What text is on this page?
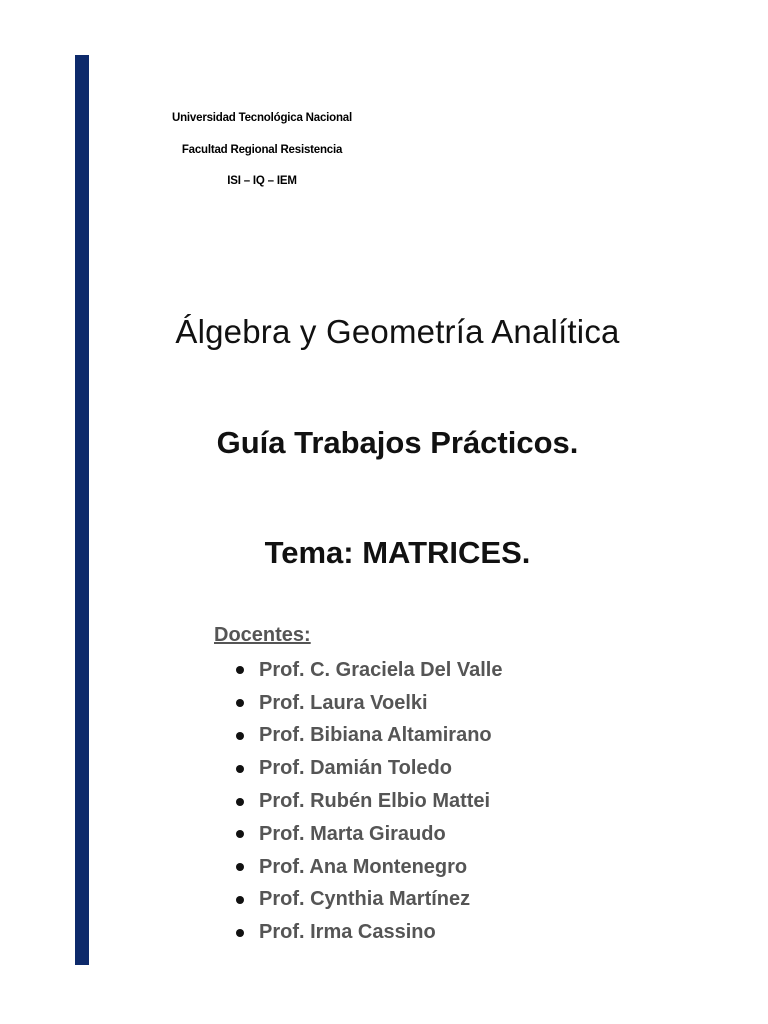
Universidad Tecnológica Nacional
Facultad Regional Resistencia
ISI – IQ – IEM
Álgebra y Geometría Analítica
Guía Trabajos Prácticos.
Tema: MATRICES.
Docentes:
Prof. C. Graciela Del Valle
Prof. Laura Voelki
Prof. Bibiana Altamirano
Prof. Damián Toledo
Prof. Rubén Elbio Mattei
Prof. Marta Giraudo
Prof. Ana Montenegro
Prof. Cynthia Martínez
Prof. Irma Cassino
